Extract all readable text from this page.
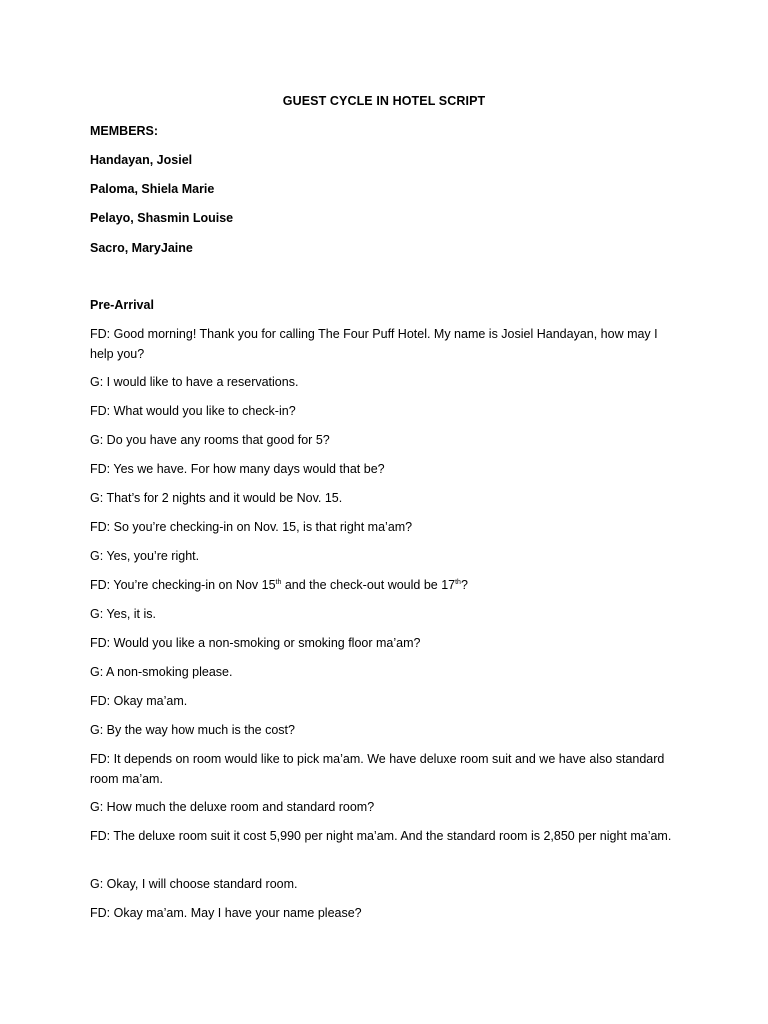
GUEST CYCLE IN HOTEL SCRIPT
MEMBERS:
Handayan, Josiel
Paloma, Shiela Marie
Pelayo, Shasmin Louise
Sacro, MaryJaine
Pre-Arrival
FD: Good morning! Thank you for calling The Four Puff Hotel. My name is Josiel Handayan, how may I help you?
G: I would like to have a reservations.
FD: What would you like to check-in?
G: Do you have any rooms that good for 5?
FD: Yes we have. For how many days would that be?
G: That’s for 2 nights and it would be Nov. 15.
FD: So you’re checking-in on Nov. 15, is that right ma’am?
G: Yes, you’re right.
FD: You’re checking-in on Nov 15th and the check-out would be 17th?
G: Yes, it is.
FD: Would you like a non-smoking or smoking floor ma’am?
G: A non-smoking please.
FD: Okay ma’am.
G: By the way how much is the cost?
FD: It depends on room would like to pick ma’am. We have deluxe room suit and we have also standard room ma’am.
G: How much the deluxe room and standard room?
FD: The deluxe room suit it cost 5,990 per night ma’am. And the standard room is 2,850 per night ma’am.
G: Okay, I will choose standard room.
FD: Okay ma’am. May I have your name please?
